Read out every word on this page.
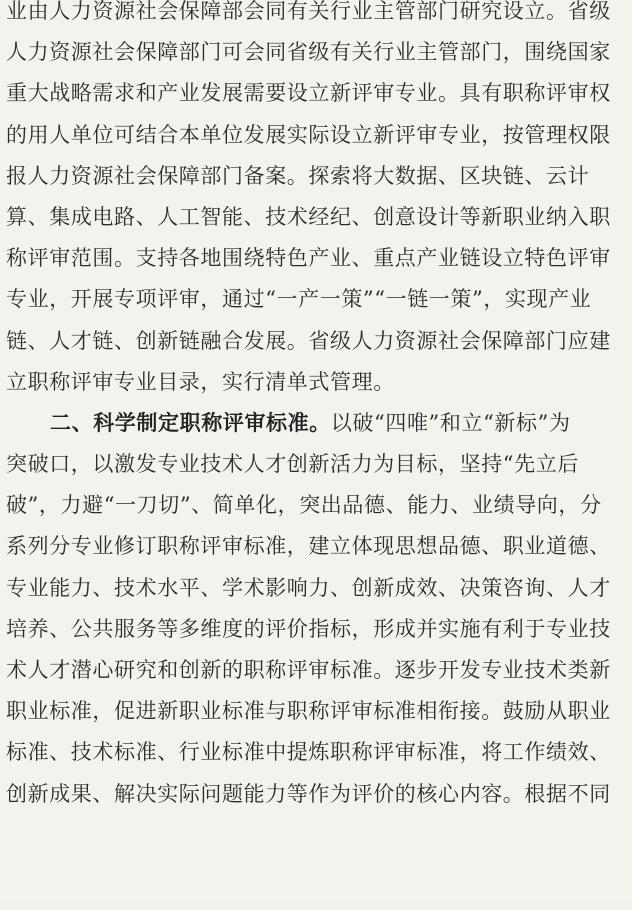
业由人力资源社会保障部会同有关行业主管部门研究设立。省级
人力资源社会保障部门可会同省级有关行业主管部门，围绕国家
重大战略需求和产业发展需要设立新评审专业。具有职称评审权
的用人单位可结合本单位发展实际设立新评审专业，按管理权限
报人力资源社会保障部门备案。探索将大数据、区块链、云计
算、集成电路、人工智能、技术经纪、创意设计等新职业纳入职
称评审范围。支持各地围绕特色产业、重点产业链设立特色评审
专业，开展专项评审，通过“一产一策”“一链一策”，实现产业
链、人才链、创新链融合发展。省级人力资源社会保障部门应建
立职称评审专业目录，实行清单式管理。
二、科学制定职称评审标准。以破“四唯”和立“新标”为
突破口，以激发专业技术人才创新活力为目标，坚持“先立后
破”，力避“一刀切”、简单化，突出品德、能力、业绩导向，分
系列分专业修订职称评审标准，建立体现思想品德、职业道德、
专业能力、技术水平、学术影响力、创新成效、决策咨询、人才
培养、公共服务等多维度的评价指标，形成并实施有利于专业技
术人才潜心研究和创新的职称评审标准。逐步开发专业技术类新
职业标准，促进新职业标准与职称评审标准相衔接。鼓励从职业
标准、技术标准、行业标准中提炼职称评审标准，将工作绩效、
创新成果、解决实际问题能力等作为评价的核心内容。根据不同
